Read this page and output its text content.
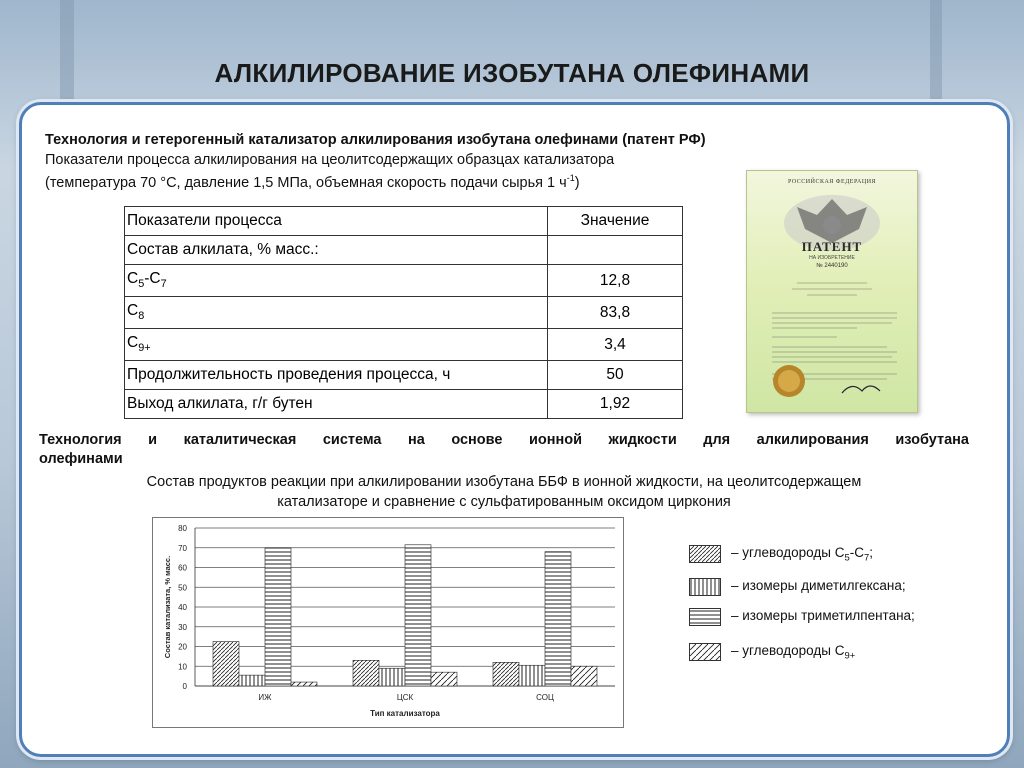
АЛКИЛИРОВАНИЕ ИЗОБУТАНА ОЛЕФИНАМИ
Технология и гетерогенный катализатор алкилирования изобутана олефинами (патент РФ)
Показатели процесса алкилирования на цеолитсодержащих образцах катализатора
(температура 70 °С, давление 1,5 МПа, объемная скорость подачи сырья 1 $ч^{-1}$)
Показатели процесса	Значение
Состав алкилата, % масс.:	
$С_5-С_7$	12,8
$С_8$	83,8
$С_{9+}$	3,4
Продолжительность проведения процесса, ч	50
Выход алкилата, г/г бутен	1,92
РОССИЙСКАЯ ФЕДЕРАЦИЯ
ПАТЕНТ
НА ИЗОБРЕТЕНИЕ
№ 2440190
Технология и каталитическая система на основе ионной жидкости для алкилирования изобутана
олефинами
Состав продуктов реакции при алкилировании изобутана ББФ в ионной жидкости, на цеолитсодержащем
катализаторе и сравнение с сульфатированным оксидом циркония
0
10
20
30
40
50
60
70
80
ИЖ	ЦСК	СОЦ
Тип катализатора
Состав катализата, % масс.
– углеводороды $С_5-С_7$;
– изомеры диметилгексана;
– изомеры триметилпентана;
– углеводороды $С_{9+}$
